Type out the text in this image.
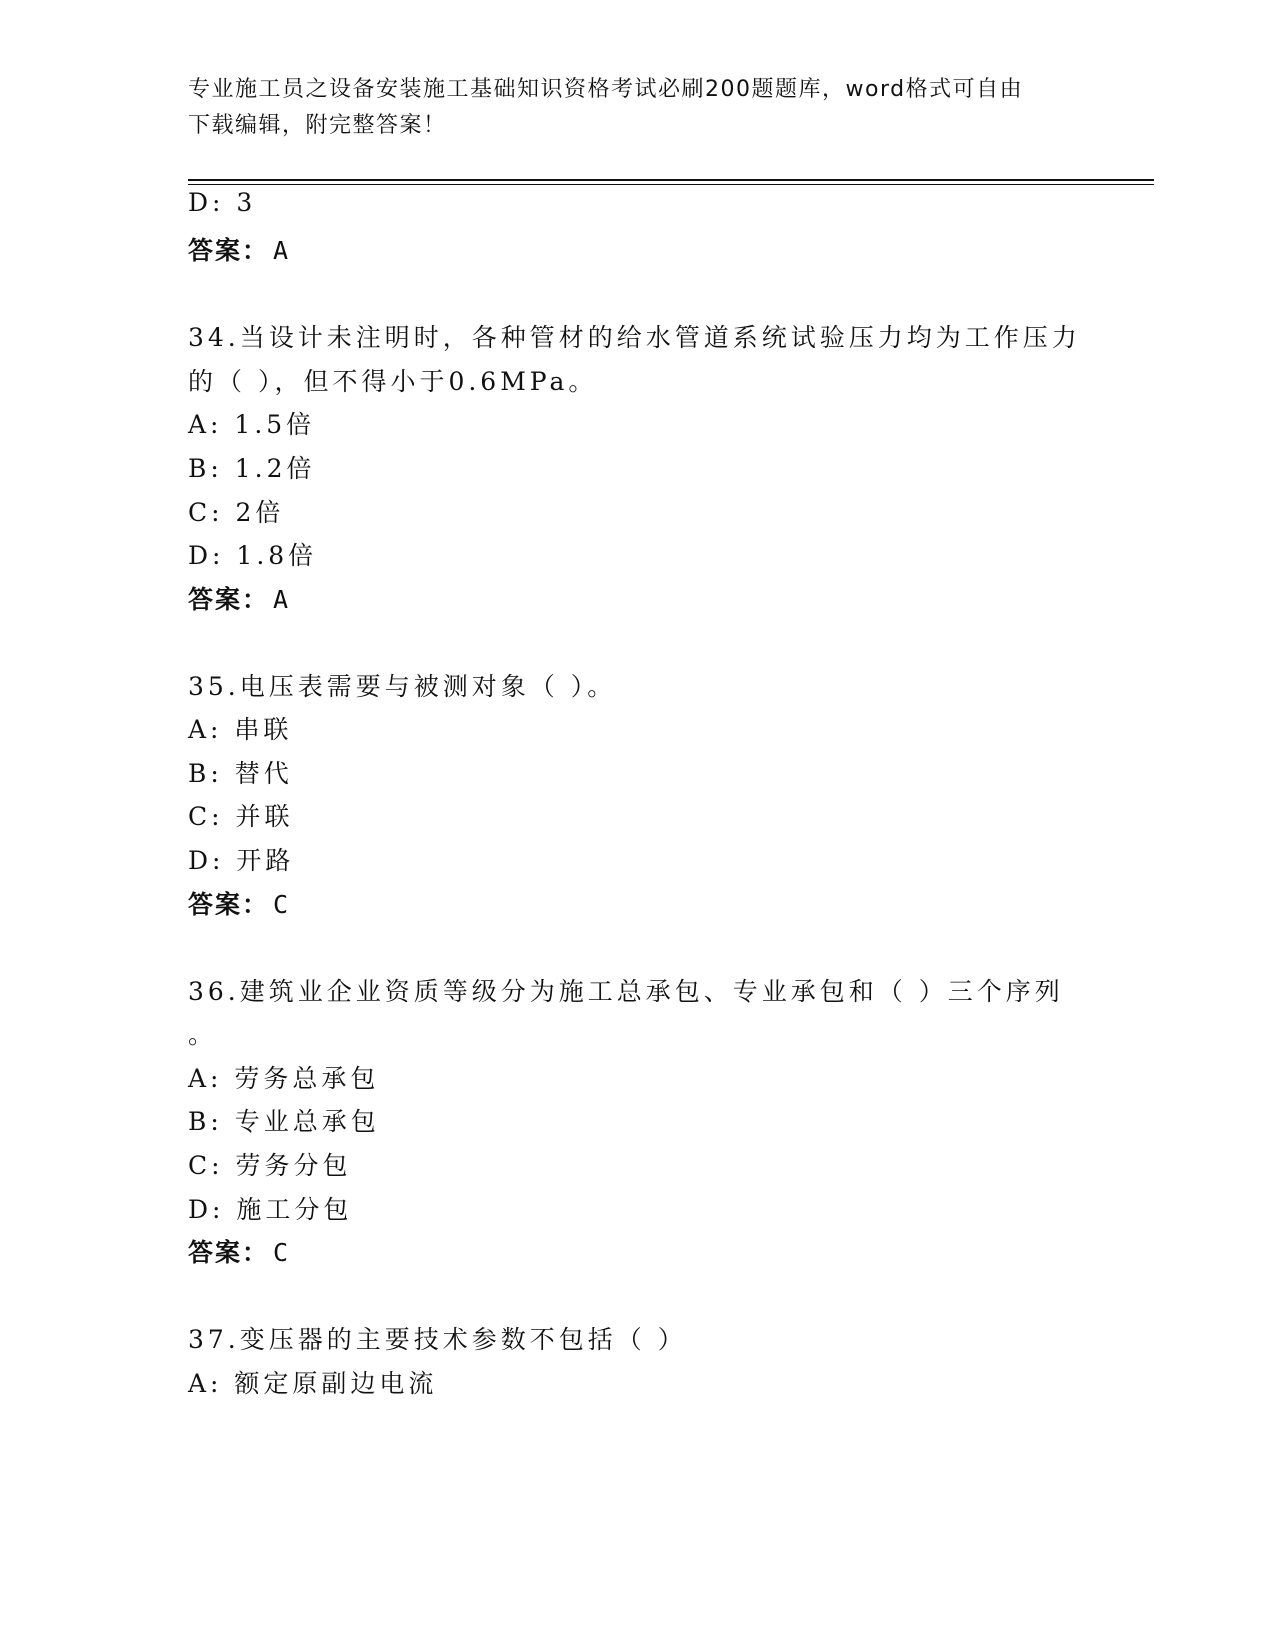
专业施工员之设备安装施工基础知识资格考试必刷200题题库，word格式可自由
下载编辑，附完整答案！
D: 3
答案： A
34.当设计未注明时，各种管材的给水管道系统试验压力均为工作压力
的（ ），但不得小于0.6MPa。
A: 1.5倍
B: 1.2倍
C: 2倍
D: 1.8倍
答案： A
35.电压表需要与被测对象（ ）。
A: 串联
B: 替代
C: 并联
D: 开路
答案： C
36.建筑业企业资质等级分为施工总承包、专业承包和（ ）三个序列
。
A: 劳务总承包
B: 专业总承包
C: 劳务分包
D: 施工分包
答案： C
37.变压器的主要技术参数不包括（ ）
A: 额定原副边电流
